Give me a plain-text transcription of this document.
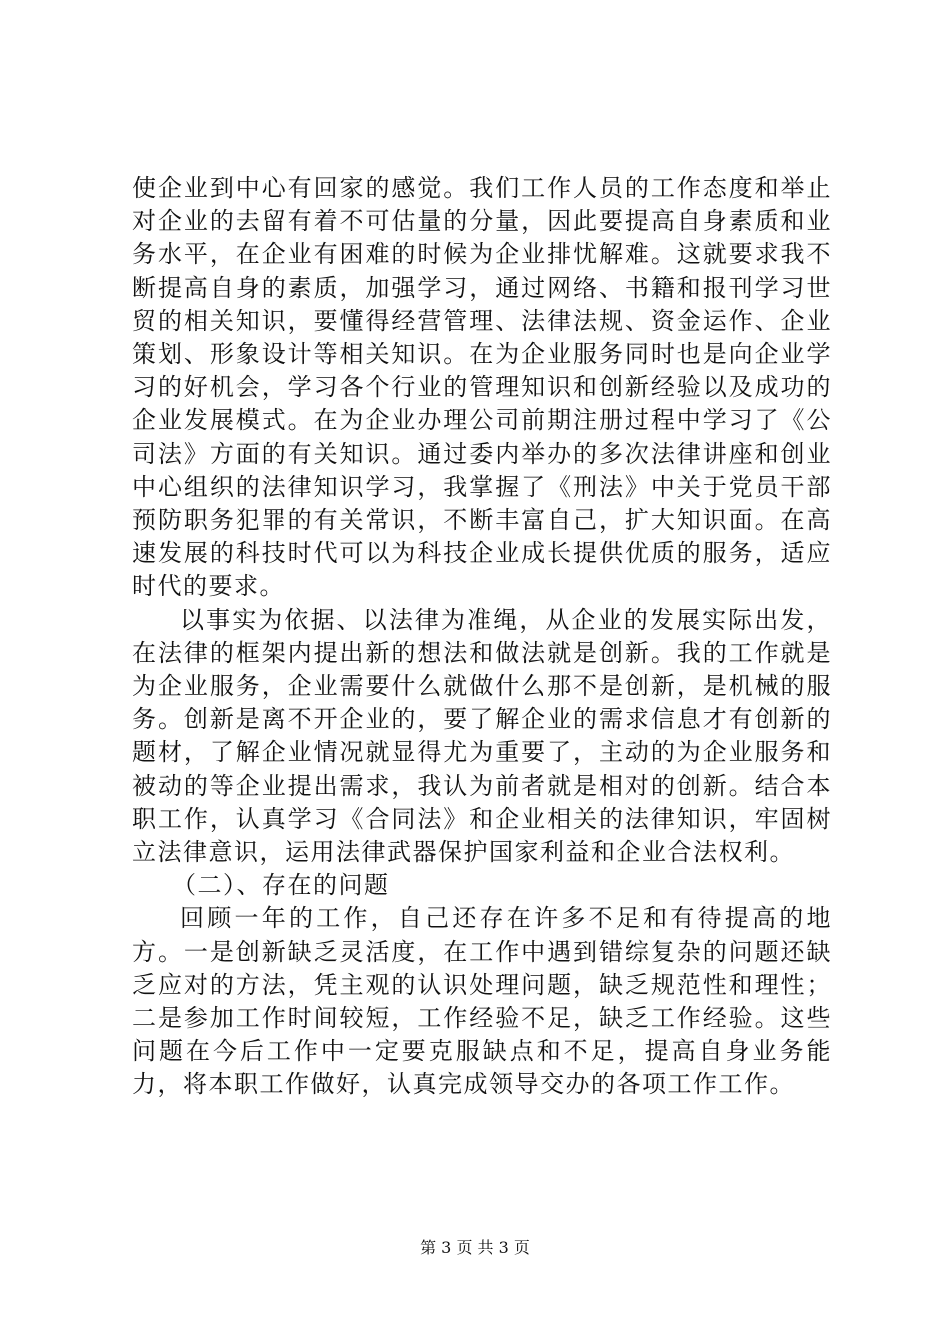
使企业到中心有回家的感觉。我们工作人员的工作态度和举止对企业的去留有着不可估量的分量，因此要提高自身素质和业务水平，在企业有困难的时候为企业排忧解难。这就要求我不断提高自身的素质，加强学习，通过网络、书籍和报刊学习世贸的相关知识，要懂得经营管理、法律法规、资金运作、企业策划、形象设计等相关知识。在为企业服务同时也是向企业学习的好机会，学习各个行业的管理知识和创新经验以及成功的企业发展模式。在为企业办理公司前期注册过程中学习了《公司法》方面的有关知识。通过委内举办的多次法律讲座和创业中心组织的法律知识学习，我掌握了《刑法》中关于党员干部预防职务犯罪的有关常识，不断丰富自己，扩大知识面。在高速发展的科技时代可以为科技企业成长提供优质的服务，适应时代的要求。

以事实为依据、以法律为准绳，从企业的发展实际出发，在法律的框架内提出新的想法和做法就是创新。我的工作就是为企业服务，企业需要什么就做什么那不是创新，是机械的服务。创新是离不开企业的，要了解企业的需求信息才有创新的题材，了解企业情况就显得尤为重要了，主动的为企业服务和被动的等企业提出需求，我认为前者就是相对的创新。结合本职工作，认真学习《合同法》和企业相关的法律知识，牢固树立法律意识，运用法律武器保护国家利益和企业合法权利。

（二）、存在的问题

回顾一年的工作，自己还存在许多不足和有待提高的地方。一是创新缺乏灵活度，在工作中遇到错综复杂的问题还缺乏应对的方法，凭主观的认识处理问题，缺乏规范性和理性；二是参加工作时间较短，工作经验不足，缺乏工作经验。这些问题在今后工作中一定要克服缺点和不足，提高自身业务能力，将本职工作做好，认真完成领导交办的各项工作工作。

第 3 页 共 3 页
